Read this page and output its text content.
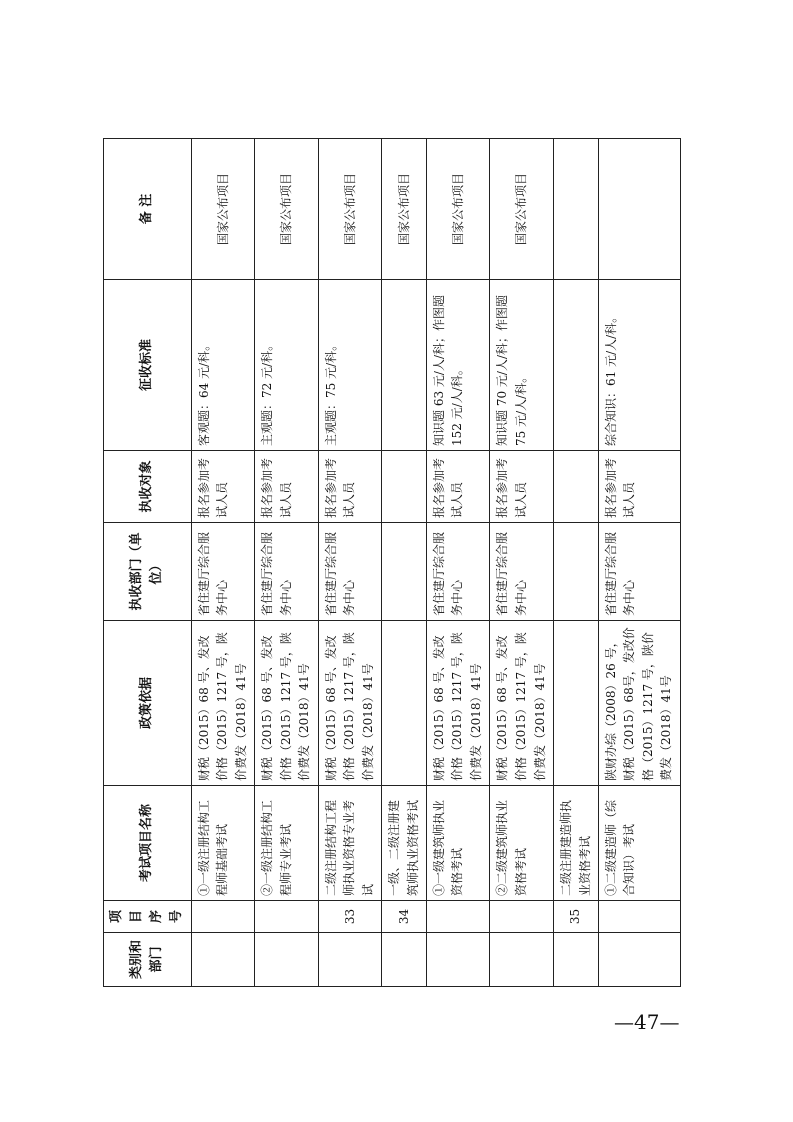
类别和部门	项目序号	考试项目名称	政策依据	执收部门（单位）	执收对象	征收标准	备 注
		①一级注册结构工程师基础考试	财税（2015）68 号、发改价格（2015）1217 号，陕价费发（2018）41号	省住建厅综合服务中心	报名参加考试人员	客观题：64 元/科。	国家公布项目
		②一级注册结构工程师专业考试	财税（2015）68 号、发改价格（2015）1217 号，陕价费发（2018）41号	省住建厅综合服务中心	报名参加考试人员	主观题：72 元/科。	国家公布项目
	33	二级注册结构工程师执业资格专业考试	财税（2015）68 号、发改价格（2015）1217 号，陕价费发（2018）41号	省住建厅综合服务中心	报名参加考试人员	主观题：75 元/科。	国家公布项目
	34	一级、二级注册建筑师执业资格考试					国家公布项目
		①一级建筑师执业资格考试	财税（2015）68 号、发改价格（2015）1217 号，陕价费发（2018）41号	省住建厅综合服务中心	报名参加考试人员	知识题 63 元/人/科；作图题 152 元/人/科。	国家公布项目
		②二级建筑师执业资格考试	财税（2015）68 号、发改价格（2015）1217 号，陕价费发（2018）41号	省住建厅综合服务中心	报名参加考试人员	知识题 70 元/人/科；作图题 75 元/人/科。	国家公布项目
	35	二级注册建造师执业资格考试					
		①二级建造师（综合知识）考试	陕财办综（2008）26 号，财税（2015）68号，发改价格（2015）1217 号，陕价费发（2018）41号	省住建厅综合服务中心	报名参加考试人员	综合知识：61 元/人/科。	
—47—
